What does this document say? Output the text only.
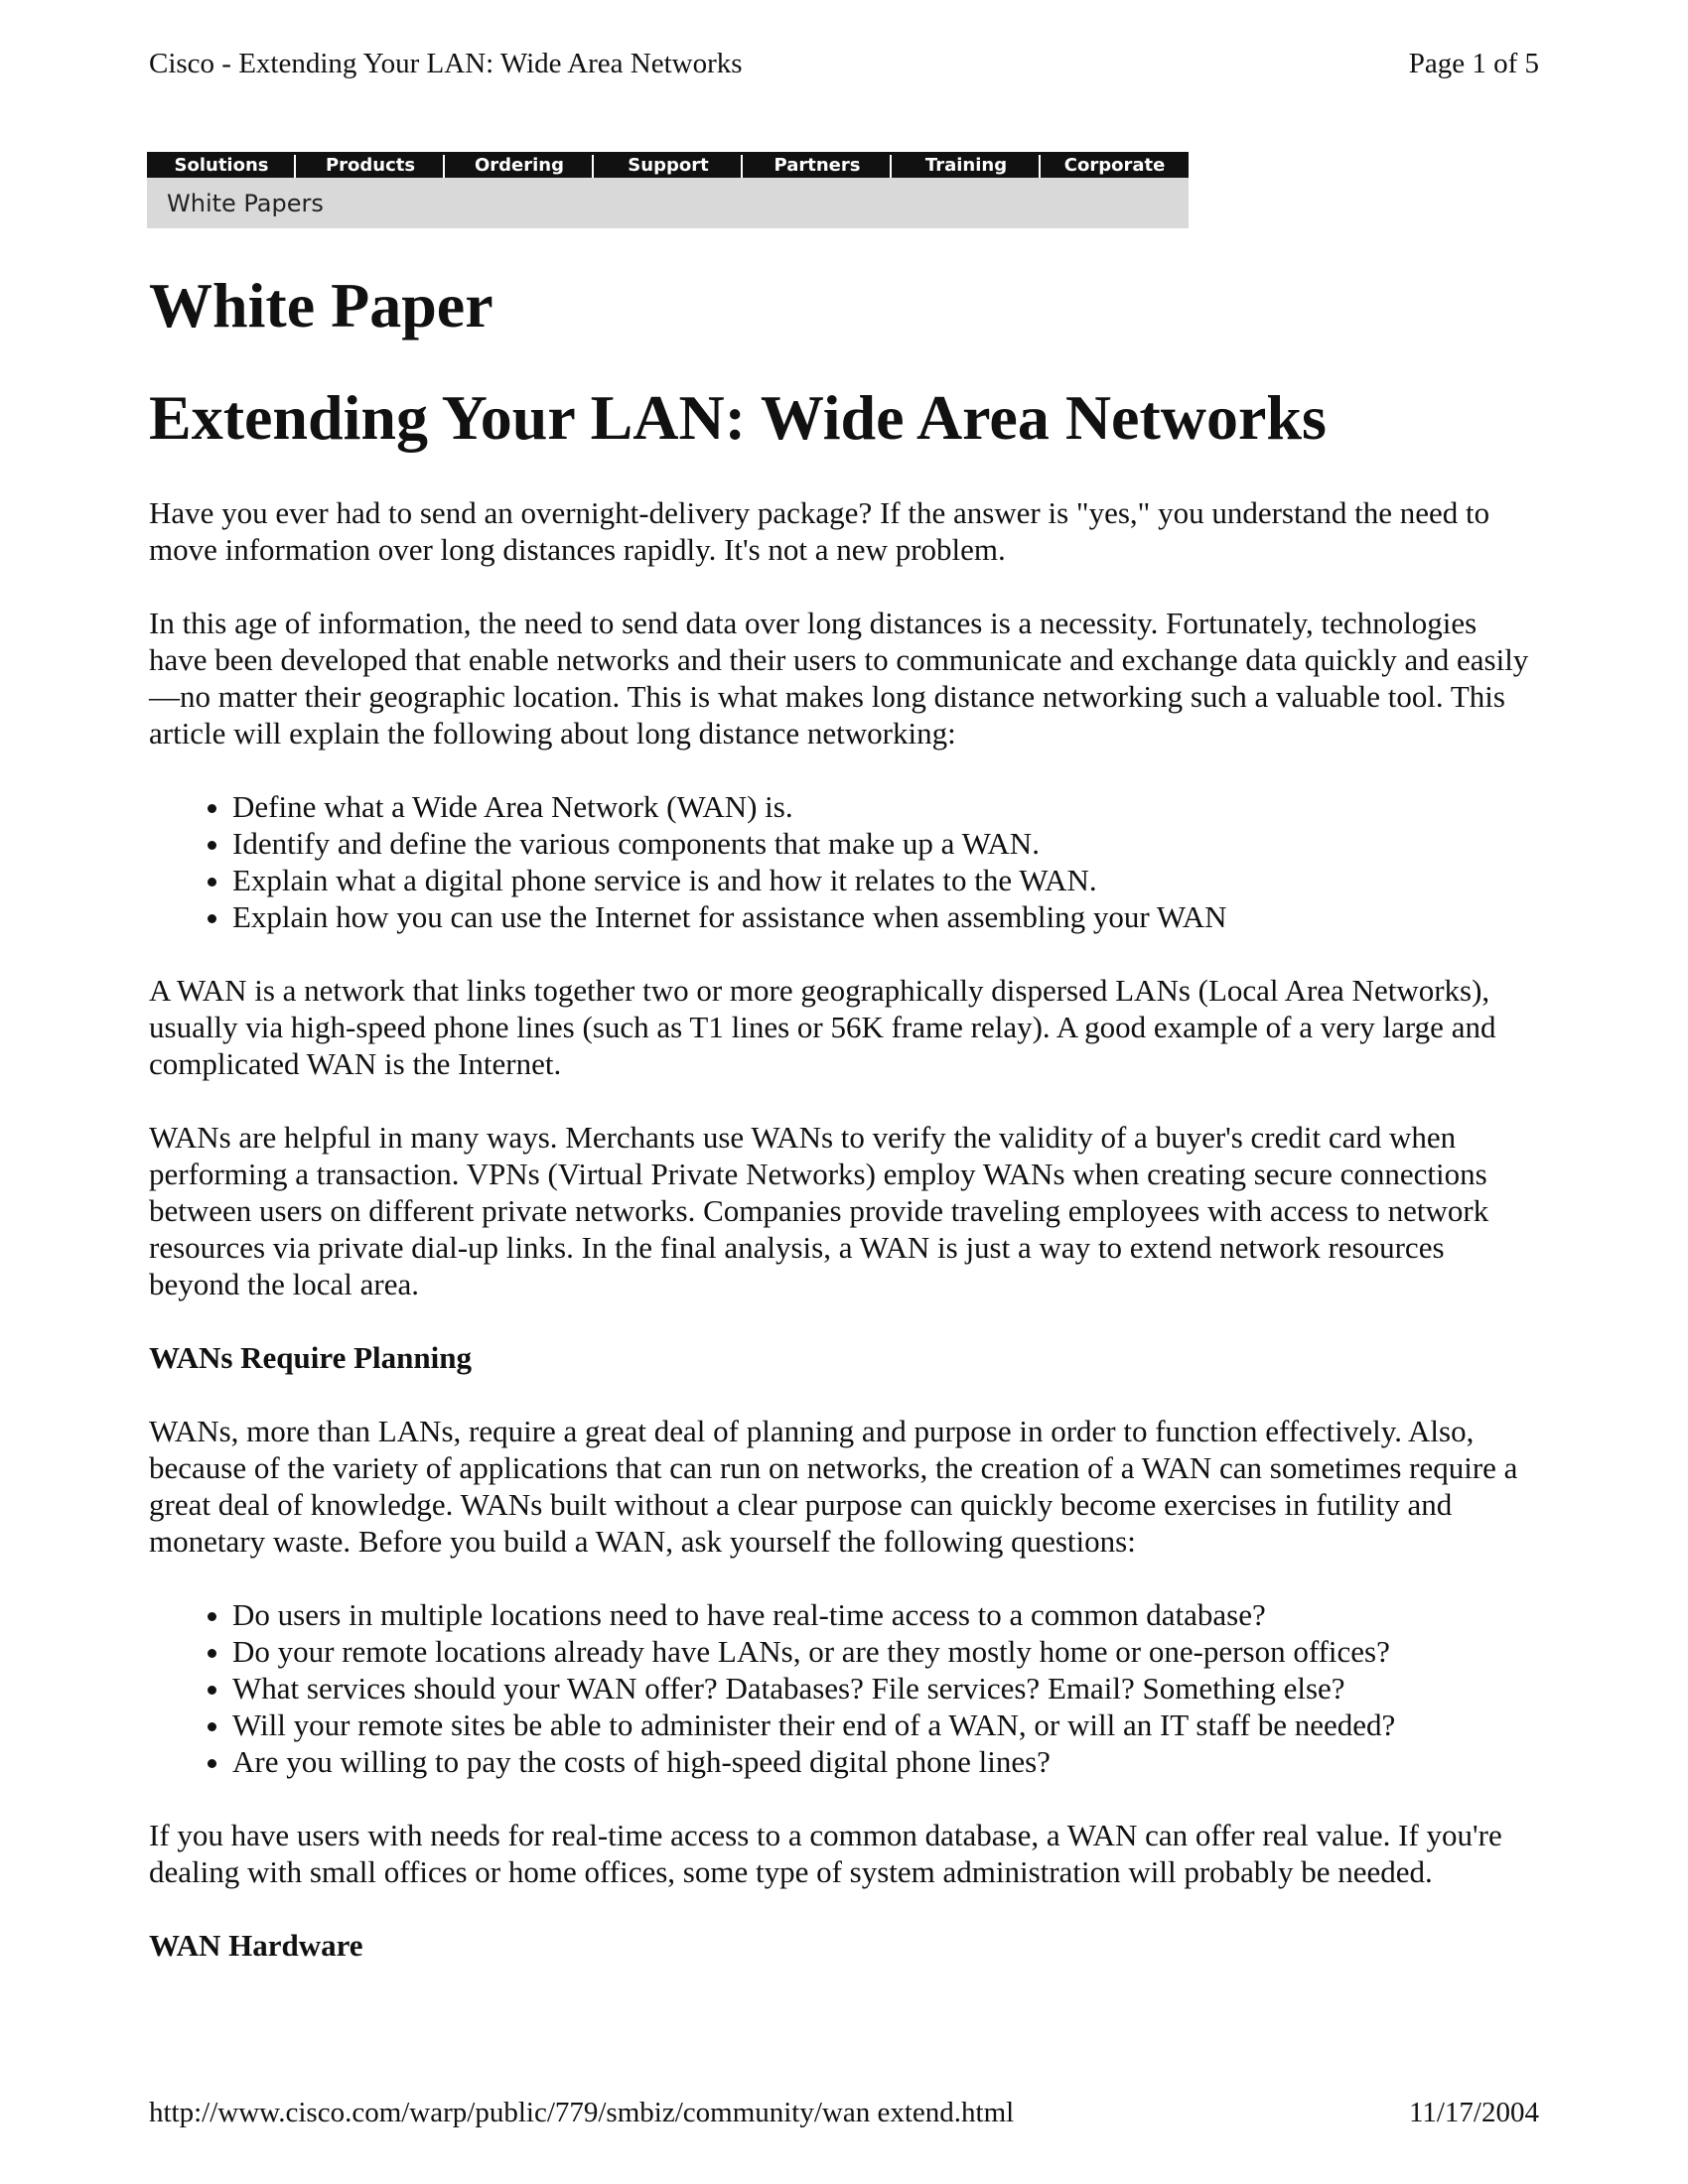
Cisco - Extending Your LAN: Wide Area Networks	Page 1 of 5
Solutions	Products	Ordering	Support	Partners	Training	Corporate
White Papers
White Paper
Extending Your LAN: Wide Area Networks

Have you ever had to send an overnight-delivery package? If the answer is "yes," you understand the need to move information over long distances rapidly. It's not a new problem.

In this age of information, the need to send data over long distances is a necessity. Fortunately, technologies have been developed that enable networks and their users to communicate and exchange data quickly and easily—no matter their geographic location. This is what makes long distance networking such a valuable tool. This article will explain the following about long distance networking:

• Define what a Wide Area Network (WAN) is.
• Identify and define the various components that make up a WAN.
• Explain what a digital phone service is and how it relates to the WAN.
• Explain how you can use the Internet for assistance when assembling your WAN

A WAN is a network that links together two or more geographically dispersed LANs (Local Area Networks), usually via high-speed phone lines (such as T1 lines or 56K frame relay). A good example of a very large and complicated WAN is the Internet.

WANs are helpful in many ways. Merchants use WANs to verify the validity of a buyer's credit card when performing a transaction. VPNs (Virtual Private Networks) employ WANs when creating secure connections between users on different private networks. Companies provide traveling employees with access to network resources via private dial-up links. In the final analysis, a WAN is just a way to extend network resources beyond the local area.

WANs Require Planning

WANs, more than LANs, require a great deal of planning and purpose in order to function effectively. Also, because of the variety of applications that can run on networks, the creation of a WAN can sometimes require a great deal of knowledge. WANs built without a clear purpose can quickly become exercises in futility and monetary waste. Before you build a WAN, ask yourself the following questions:

• Do users in multiple locations need to have real-time access to a common database?
• Do your remote locations already have LANs, or are they mostly home or one-person offices?
• What services should your WAN offer? Databases? File services? Email? Something else?
• Will your remote sites be able to administer their end of a WAN, or will an IT staff be needed?
• Are you willing to pay the costs of high-speed digital phone lines?

If you have users with needs for real-time access to a common database, a WAN can offer real value. If you're dealing with small offices or home offices, some type of system administration will probably be needed.

WAN Hardware
http://www.cisco.com/warp/public/779/smbiz/community/wan extend.html	11/17/2004
